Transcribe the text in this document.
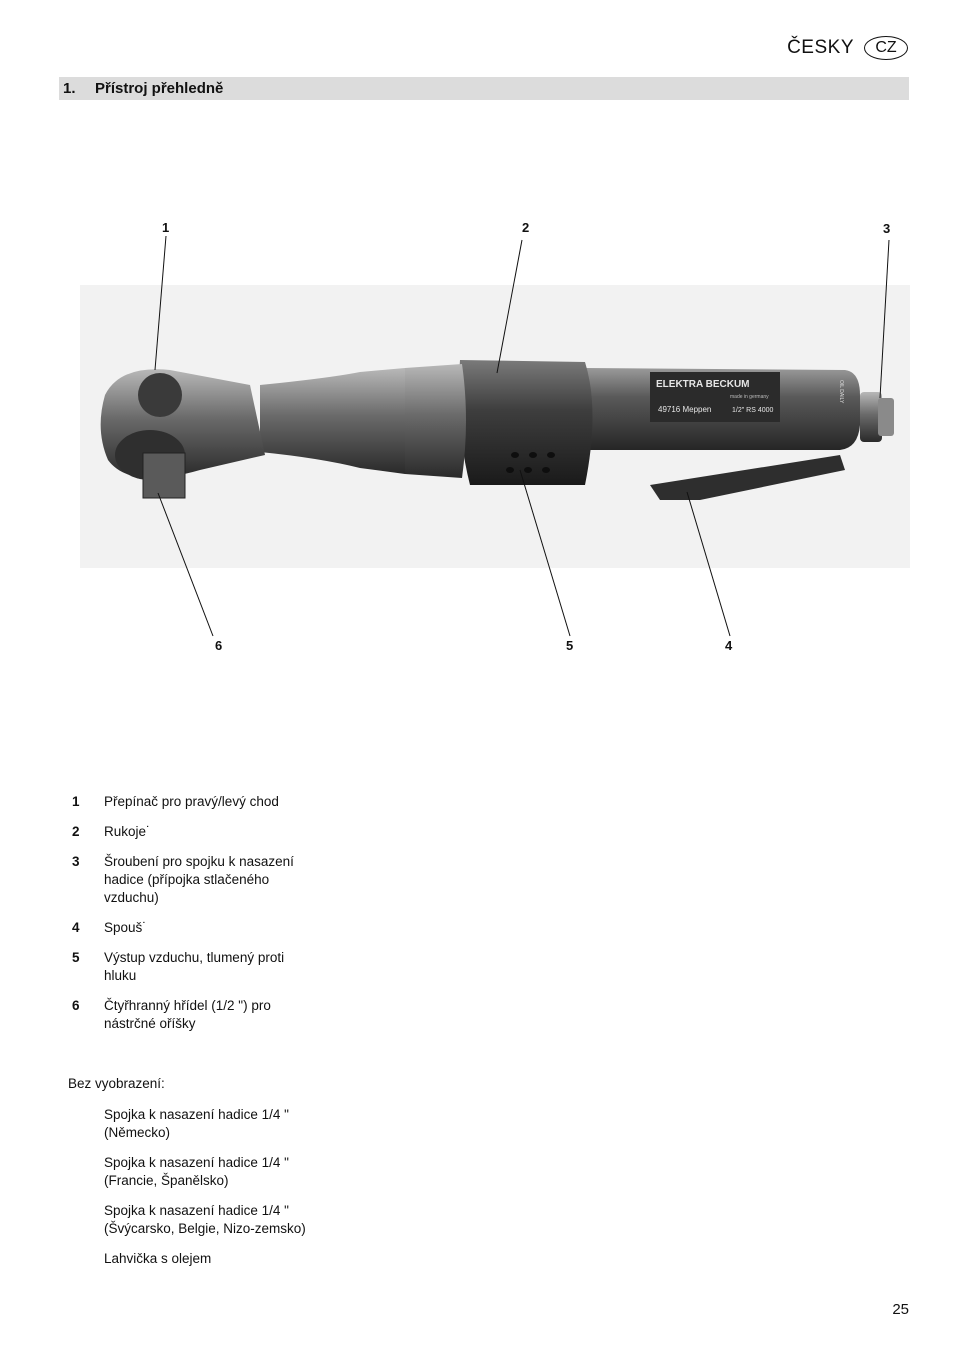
ČESKY	CZ
1.	Přístroj přehledně
ELEKTRA BECKUM
made in germany
49716 Meppen	1/2" RS 4000
OIL DAILY
1	2	3
4
5
6
1	Přepínač pro pravý/levý chod
2	Rukoje˙
3	Šroubení pro spojku k nasazení hadice (přípojka stlačeného vzduchu)
4	Spouš˙
5	Výstup vzduchu, tlumený proti hluku
6	Čtyřhranný hřídel (1/2 ") pro nástrčné oříšky
Bez vyobrazení:
Spojka k nasazení hadice 1/4 " (Německo)
Spojka k nasazení hadice 1/4 " (Francie, Španělsko)
Spojka k nasazení hadice 1/4 " (Švýcarsko, Belgie, Nizo-zemsko)
Lahvička s olejem
25
